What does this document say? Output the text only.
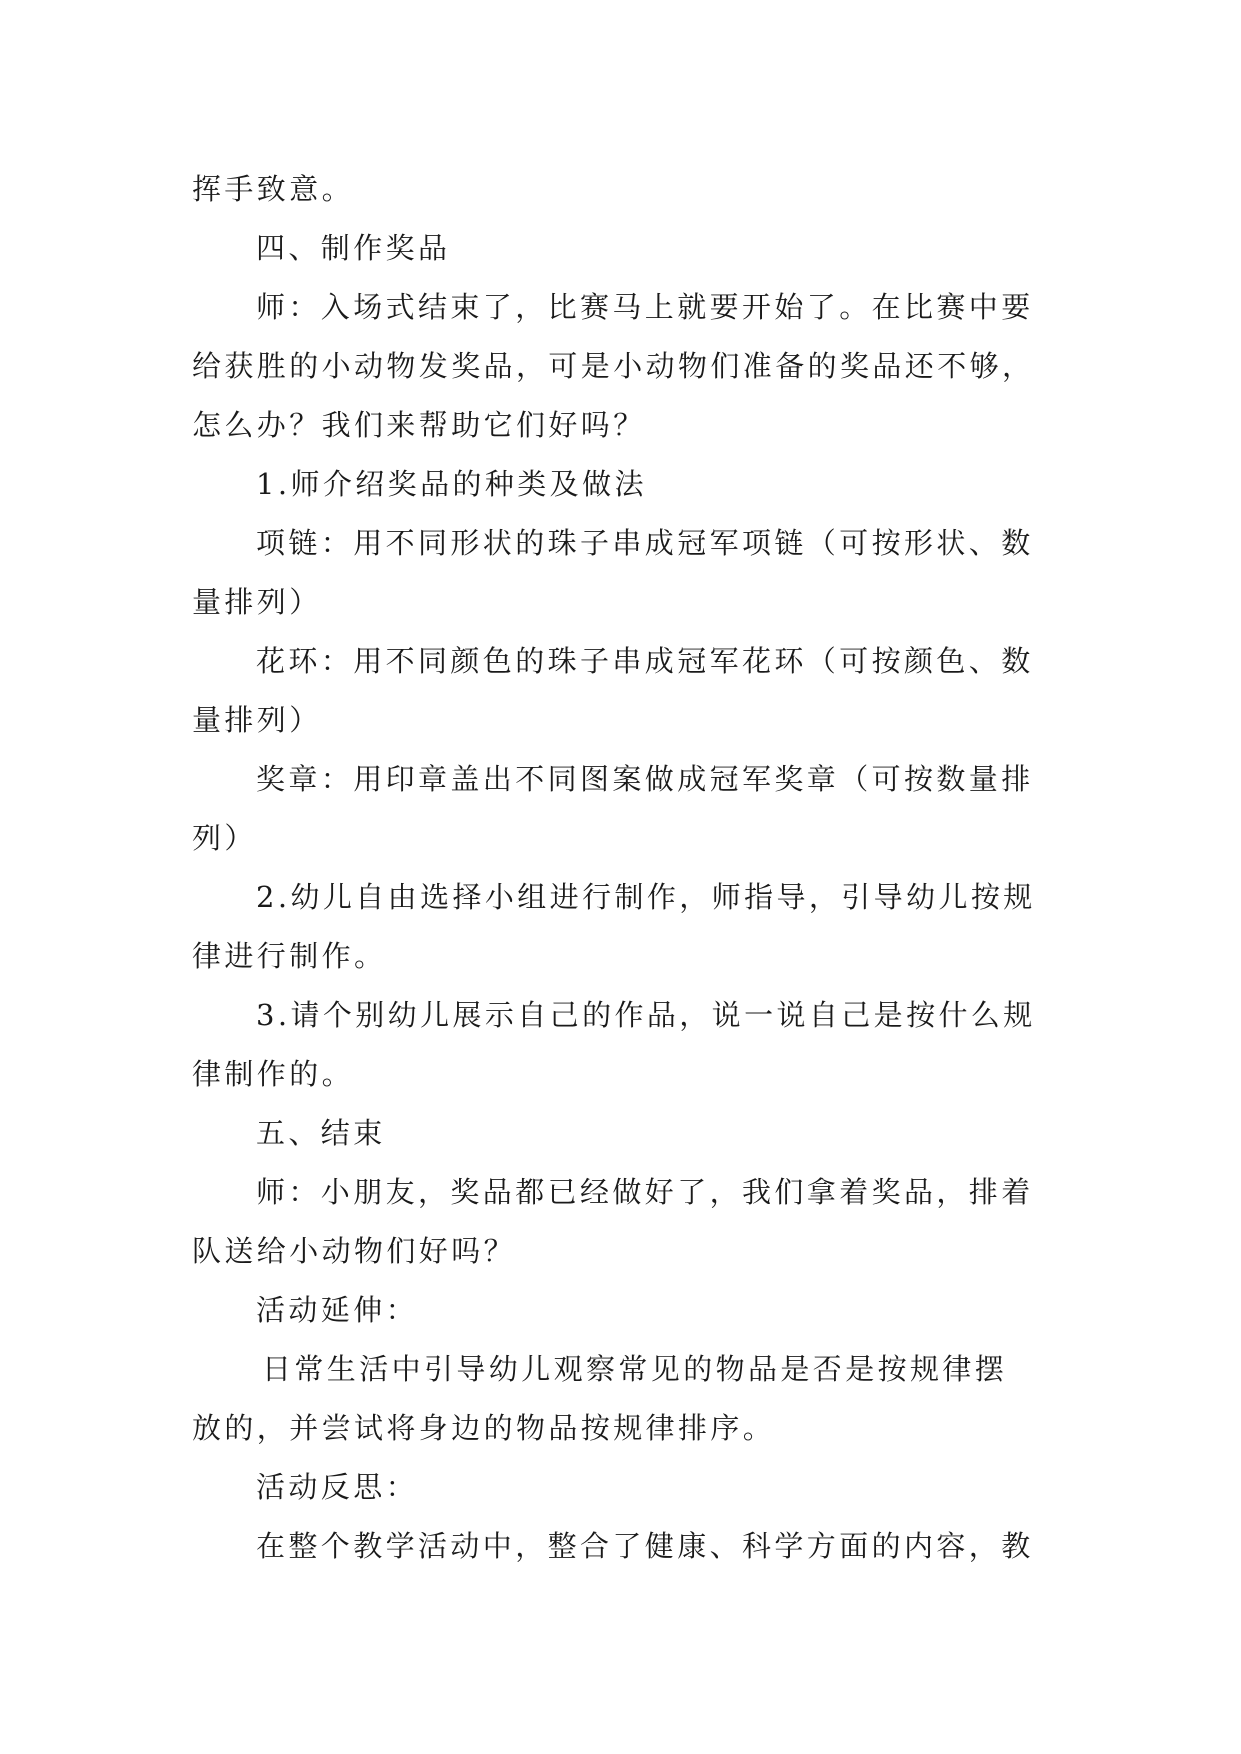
挥手致意。
四、制作奖品
师：入场式结束了，比赛马上就要开始了。在比赛中要
给获胜的小动物发奖品，可是小动物们准备的奖品还不够，
怎么办？我们来帮助它们好吗？
1.师介绍奖品的种类及做法
项链：用不同形状的珠子串成冠军项链（可按形状、数
量排列）
花环：用不同颜色的珠子串成冠军花环（可按颜色、数
量排列）
奖章：用印章盖出不同图案做成冠军奖章（可按数量排
列）
2.幼儿自由选择小组进行制作，师指导，引导幼儿按规
律进行制作。
3.请个别幼儿展示自己的作品，说一说自己是按什么规
律制作的。
五、结束
师：小朋友，奖品都已经做好了，我们拿着奖品，排着
队送给小动物们好吗？
活动延伸：
日常生活中引导幼儿观察常见的物品是否是按规律摆
放的，并尝试将身边的物品按规律排序。
活动反思：
在整个教学活动中，整合了健康、科学方面的内容，教
